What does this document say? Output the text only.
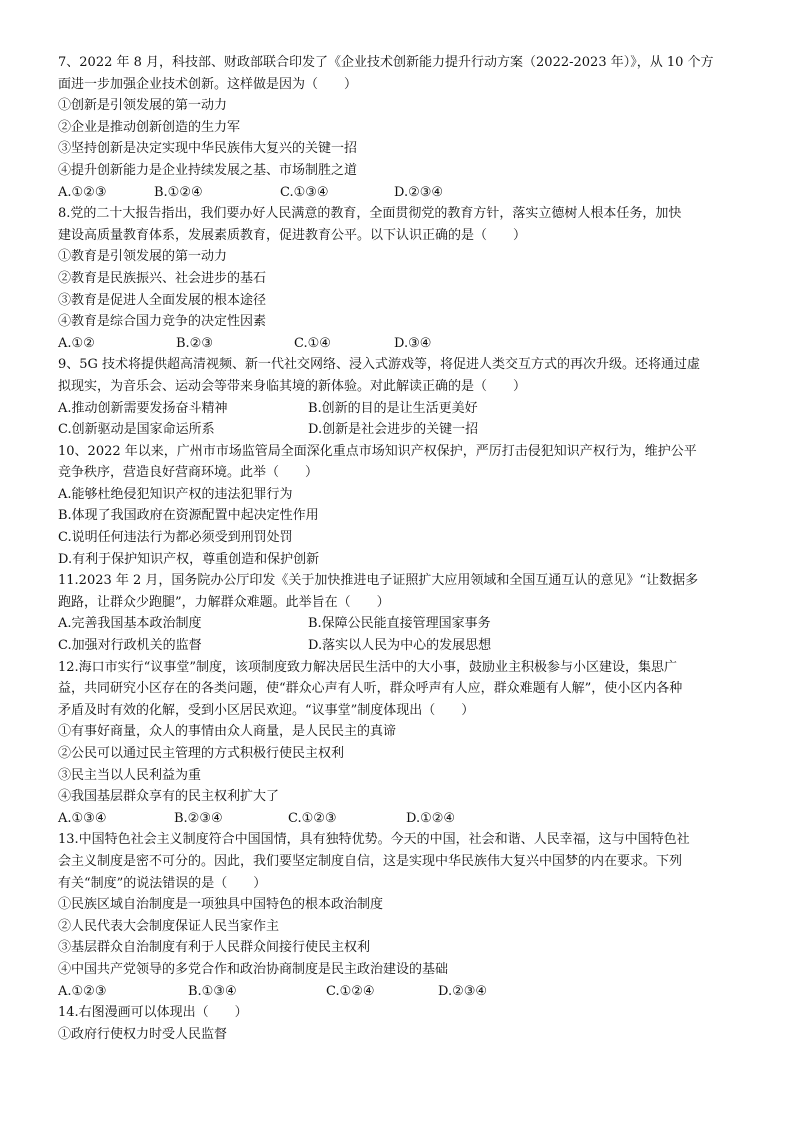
7、2022 年 8 月，科技部、财政部联合印发了《企业技术创新能力提升行动方案（2022-2023 年）》，从 10 个方
面进一步加强企业技术创新。这样做是因为（　　）
①创新是引领发展的第一动力
②企业是推动创新创造的生力军
③坚持创新是决定实现中华民族伟大复兴的关键一招
④提升创新能力是企业持续发展之基、市场制胜之道
A.①②③	B.①②④	C.①③④	D.②③④
8.党的二十大报告指出，我们要办好人民满意的教育，全面贯彻党的教育方针，落实立德树人根本任务，加快
建设高质量教育体系，发展素质教育，促进教育公平。以下认识正确的是（　　）
①教育是引领发展的第一动力
②教育是民族振兴、社会进步的基石
③教育是促进人全面发展的根本途径
④教育是综合国力竞争的决定性因素
A.①②	B.②③	C.①④	D.③④
9、5G 技术将提供超高清视频、新一代社交网络、浸入式游戏等，将促进人类交互方式的再次升级。还将通过虚
拟现实，为音乐会、运动会等带来身临其境的新体验。对此解读正确的是（　　）
A.推动创新需要发扬奋斗精神	B.创新的目的是让生活更美好
C.创新驱动是国家命运所系	D.创新是社会进步的关键一招
10、2022 年以来，广州市市场监管局全面深化重点市场知识产权保护，严厉打击侵犯知识产权行为，维护公平
竞争秩序，营造良好营商环境。此举（　　）
A.能够杜绝侵犯知识产权的违法犯罪行为
B.体现了我国政府在资源配置中起决定性作用
C.说明任何违法行为都必须受到刑罚处罚
D.有利于保护知识产权，尊重创造和保护创新
11.2023 年 2 月，国务院办公厅印发《关于加快推进电子证照扩大应用领域和全国互通互认的意见》“让数据多
跑路，让群众少跑腿”，力解群众难题。此举旨在（　　）
A.完善我国基本政治制度	B.保障公民能直接管理国家事务
C.加强对行政机关的监督	D.落实以人民为中心的发展思想
12.海口市实行“议事堂”制度，该项制度致力解决居民生活中的大小事，鼓励业主积极参与小区建设，集思广
益，共同研究小区存在的各类问题，使“群众心声有人听，群众呼声有人应，群众难题有人解”，使小区内各种
矛盾及时有效的化解，受到小区居民欢迎。“议事堂”制度体现出（　　）
①有事好商量，众人的事情由众人商量，是人民民主的真谛
②公民可以通过民主管理的方式积极行使民主权利
③民主当以人民利益为重
④我国基层群众享有的民主权利扩大了
A.①③④	B.②③④	C.①②③	D.①②④
13.中国特色社会主义制度符合中国国情，具有独特优势。今天的中国，社会和谐、人民幸福，这与中国特色社
会主义制度是密不可分的。因此，我们要坚定制度自信，这是实现中华民族伟大复兴中国梦的内在要求。下列
有关“制度”的说法错误的是（　　）
①民族区域自治制度是一项独具中国特色的根本政治制度
②人民代表大会制度保证人民当家作主
③基层群众自治制度有利于人民群众间接行使民主权利
④中国共产党领导的多党合作和政治协商制度是民主政治建设的基础
A.①②③	B.①③④	C.①②④	D.②③④
14.右图漫画可以体现出（　　）
①政府行使权力时受人民监督
